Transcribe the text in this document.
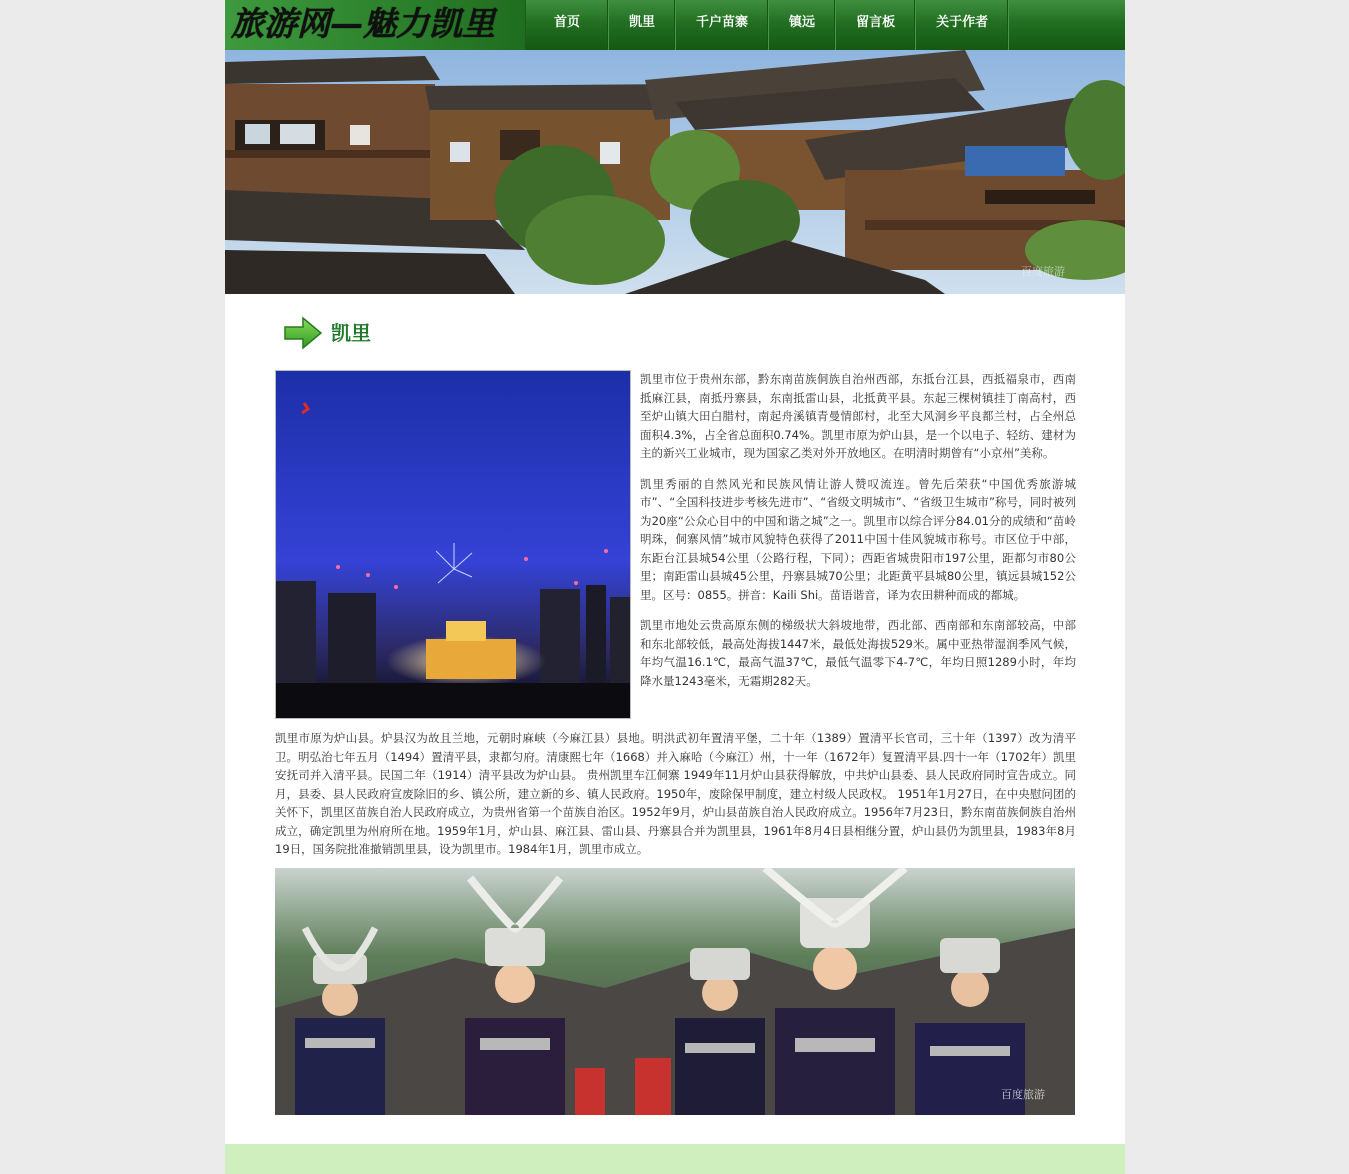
旅游网—魅力凯里	首页	凯里	千户苗寨	镇远	留言板	关于作者
百度旅游
凯里

凯里市位于贵州东部，黔东南苗族侗族自治州西部，东抵台江县，西抵福泉市，西南抵麻江县，南抵丹寨县，东南抵雷山县，北抵黄平县。东起三棵树镇挂丁南高村，西至炉山镇大田白腊村，南起舟溪镇青曼情郎村，北至大风洞乡平良都兰村，占全州总面积4.3%，占全省总面积0.74%。凯里市原为炉山县，是一个以电子、轻纺、建材为主的新兴工业城市，现为国家乙类对外开放地区。在明清时期曾有“小京州”美称。

凯里秀丽的自然风光和民族风情让游人赞叹流连。曾先后荣获“中国优秀旅游城市”、“全国科技进步考核先进市”、“省级文明城市”、“省级卫生城市”称号，同时被列为20座“公众心目中的中国和谐之城”之一。凯里市以综合评分84.01分的成绩和“苗岭明珠，侗寨风情”城市风貌特色获得了2011中国十佳风貌城市称号。市区位于中部，东距台江县城54公里（公路行程，下同）；西距省城贵阳市197公里，距都匀市80公里；南距雷山县城45公里，丹寨县城70公里；北距黄平县城80公里，镇远县城152公里。区号：0855。拼音：Kaili Shi。苗语谐音，译为农田耕种而成的都城。

凯里市地处云贵高原东侧的梯级状大斜坡地带，西北部、西南部和东南部较高，中部和东北部较低，最高处海拔1447米，最低处海拔529米。属中亚热带湿润季风气候，年均气温16.1℃，最高气温37℃，最低气温零下4-7℃，年均日照1289小时，年均降水量1243毫米，无霜期282天。

凯里市原为炉山县。炉县汉为故且兰地，元朝时麻峡（今麻江县）县地。明洪武初年置清平堡，二十年（1389）置清平长官司，三十年（1397）改为清平卫。明弘治七年五月（1494）置清平县，隶都匀府。清康熙七年（1668）并入麻哈（今麻江）州，十一年（1672年）复置清平县.四十一年（1702年）凯里安抚司并入清平县。民国二年（1914）清平县改为炉山县。 贵州凯里车江侗寨 1949年11月炉山县获得解放，中共炉山县委、县人民政府同时宣告成立。同月，县委、县人民政府宣废除旧的乡、镇公所，建立新的乡、镇人民政府。1950年，废除保甲制度，建立村级人民政权。 1951年1月27日，在中央慰问团的关怀下，凯里区苗族自治人民政府成立，为贵州省第一个苗族自治区。1952年9月，炉山县苗族自治人民政府成立。1956年7月23日，黔东南苗族侗族自治州成立，确定凯里为州府所在地。1959年1月，炉山县、麻江县、雷山县、丹寨县合并为凯里县，1961年8月4日县相继分置，炉山县仍为凯里县，1983年8月19日，国务院批准撤销凯里县，设为凯里市。1984年1月，凯里市成立。

百度旅游
